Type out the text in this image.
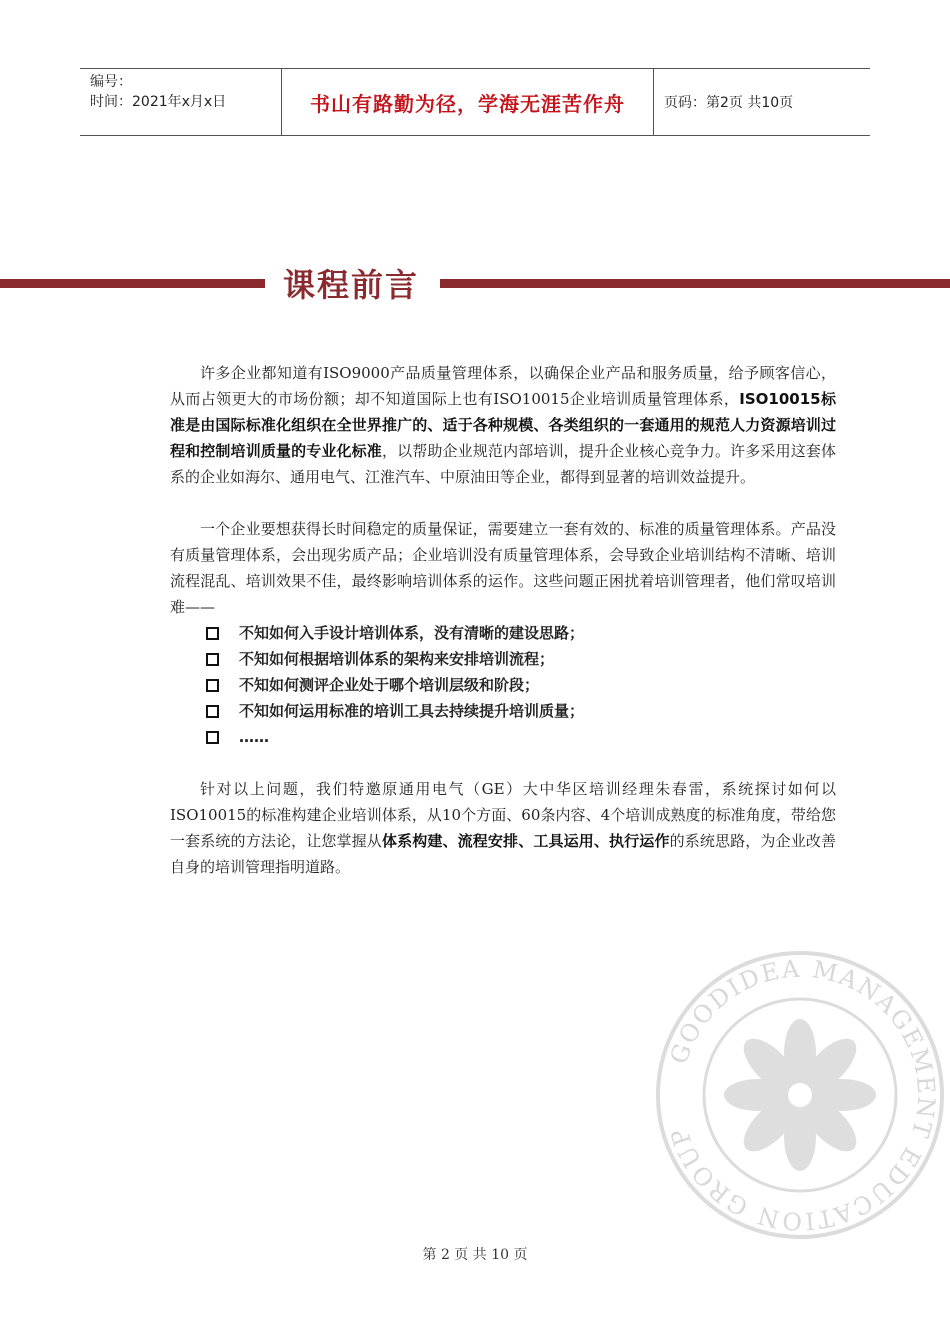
编号：
时间：2021年x月x日	书山有路勤为径，学海无涯苦作舟	页码：第2页 共10页
课程前言

许多企业都知道有ISO9000产品质量管理体系，以确保企业产品和服务质量，给予顾客信心，从而占领更大的市场份额；却不知道国际上也有ISO10015企业培训质量管理体系，ISO10015标准是由国际标准化组织在全世界推广的、适于各种规模、各类组织的一套通用的规范人力资源培训过程和控制培训质量的专业化标准，以帮助企业规范内部培训，提升企业核心竞争力。许多采用这套体系的企业如海尔、通用电气、江淮汽车、中原油田等企业，都得到显著的培训效益提升。

一个企业要想获得长时间稳定的质量保证，需要建立一套有效的、标准的质量管理体系。产品没有质量管理体系，会出现劣质产品；企业培训没有质量管理体系，会导致企业培训结构不清晰、培训流程混乱、培训效果不佳，最终影响培训体系的运作。这些问题正困扰着培训管理者，他们常叹培训难——

不知如何入手设计培训体系，没有清晰的建设思路；
不知如何根据培训体系的架构来安排培训流程；
不知如何测评企业处于哪个培训层级和阶段；
不知如何运用标准的培训工具去持续提升培训质量；
……

针对以上问题，我们特邀原通用电气（GE）大中华区培训经理朱春雷，系统探讨如何以ISO10015的标准构建企业培训体系，从10个方面、60条内容、4个培训成熟度的标准角度，带给您一套系统的方法论，让您掌握从体系构建、流程安排、工具运用、执行运作的系统思路，为企业改善自身的培训管理指明道路。

GOODIDEA MANAGEMENT EDUCATION GROUP
第 2 页 共 10 页
